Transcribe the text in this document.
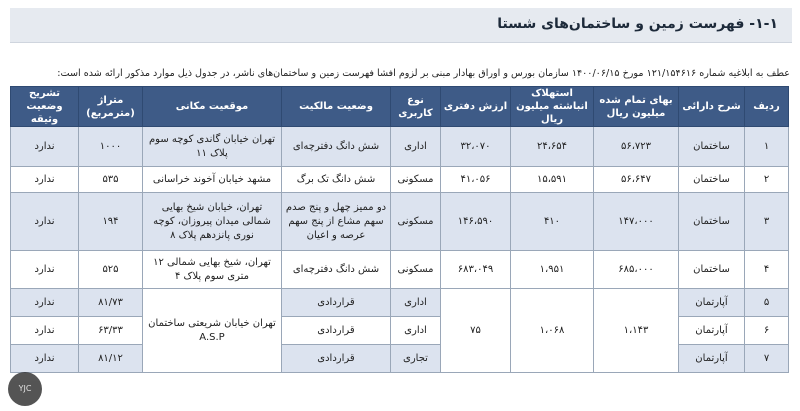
۱-۱- فهرست زمین و ساختمان‌های شستا
عطف به ابلاغیه شماره ۱۲۱/۱۵۴۶۱۶ مورخ ۱۴۰۰/۰۶/۱۵ سازمان بورس و اوراق بهادار مبنی بر لزوم افشا فهرست زمین و ساختمان‌های ناشر، در جدول ذیل موارد مذکور ارائه شده است:
ردیف	شرح دارائی	بهای تمام شده میلیون ریال	استهلاک انباشته میلیون ریال	ارزش دفتری	نوع کاربری	وضعیت مالکیت	موقعیت مکانی	متراژ (مترمربع)	تشریح وضعیت وثیقه
۱	ساختمان	۵۶،۷۲۳	۲۴،۶۵۴	۳۲،۰۷۰	اداری	شش دانگ دفترچه‌ای	تهران خیابان گاندی کوچه سوم پلاک ۱۱	۱۰۰۰	ندارد
۲	ساختمان	۵۶،۶۴۷	۱۵،۵۹۱	۴۱،۰۵۶	مسکونی	شش دانگ تک برگ	مشهد خیابان آخوند خراسانی	۵۳۵	ندارد
۳	ساختمان	۱۴۷،۰۰۰	۴۱۰	۱۴۶،۵۹۰	مسکونی	دو ممیز چهل و پنج صدم سهم مشاع از پنج سهم عرصه و اعیان	تهران، خیابان شیخ بهایی شمالی میدان پیروزان، کوچه نوری پانزدهم پلاک ۸	۱۹۴	ندارد
۴	ساختمان	۶۸۵،۰۰۰	۱،۹۵۱	۶۸۳،۰۴۹	مسکونی	شش دانگ دفترچه‌ای	تهران، شیخ بهایی شمالی ۱۲ متری سوم پلاک ۴	۵۲۵	ندارد
۵	آپارتمان	۱،۱۴۳	۱،۰۶۸	۷۵	اداری	قراردادی	تهران خیابان شریعتی ساختمان A.S.P	۸۱/۷۳	ندارد
۶	آپارتمان				اداری	قراردادی		۶۳/۳۳	ندارد
۷	آپارتمان				تجاری	قراردادی		۸۱/۱۲	ندارد
YJC
